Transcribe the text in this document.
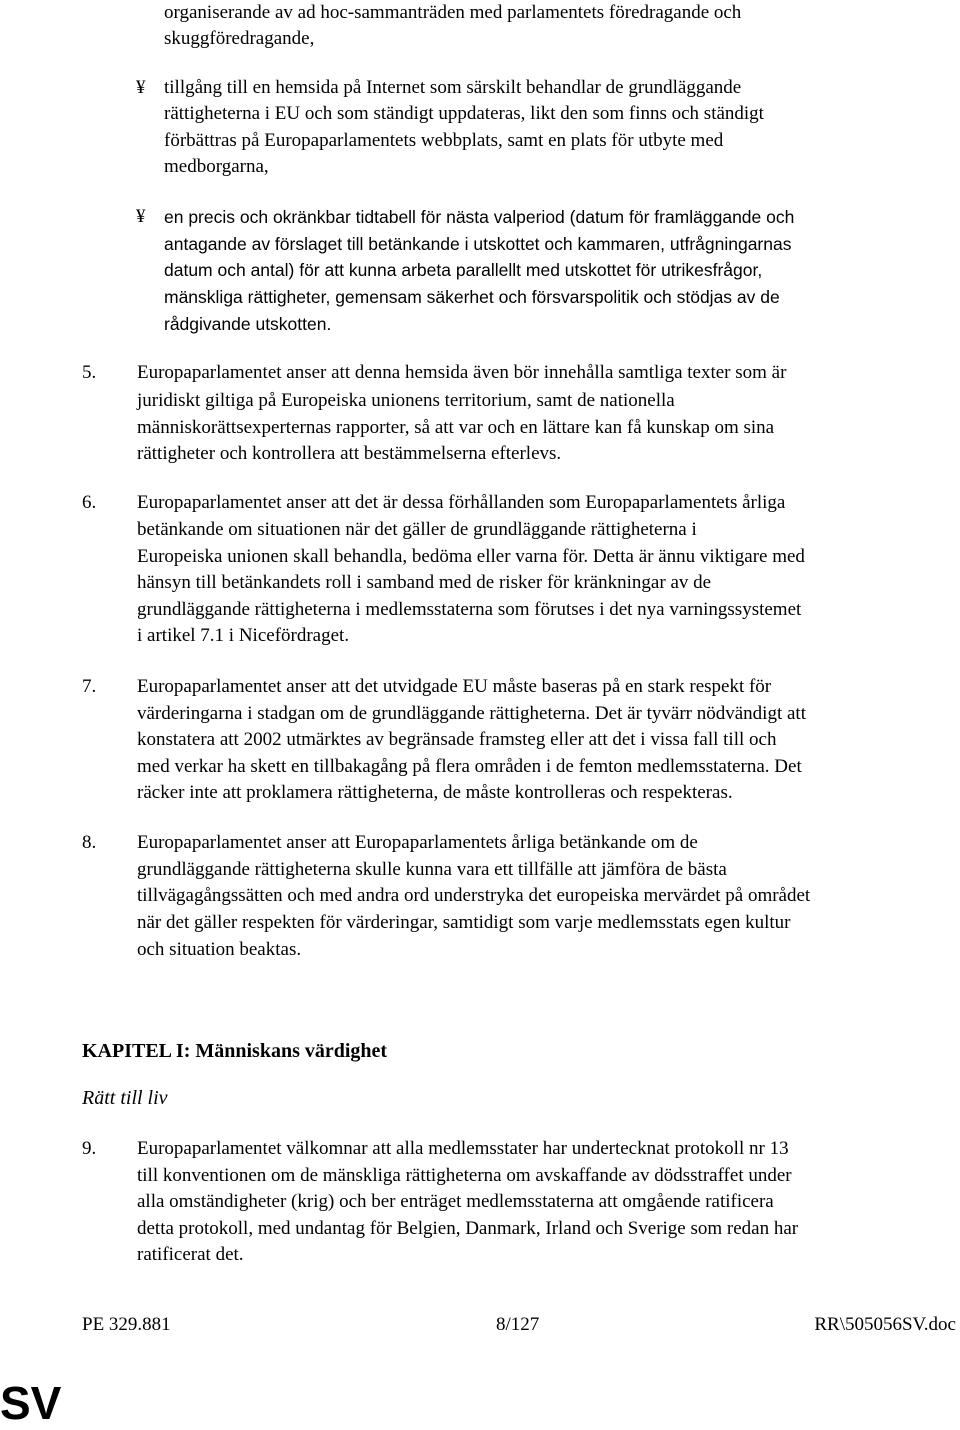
organiserande av ad hoc-sammanträden med parlamentets föredragande och
skuggföredragande,
¥ tillgång till en hemsida på Internet som särskilt behandlar de grundläggande
rättigheterna i EU och som ständigt uppdateras, likt den som finns och ständigt
förbättras på Europaparlamentets webbplats, samt en plats för utbyte med
medborgarna,
¥ en precis och okränkbar tidtabell för nästa valperiod (datum för framläggande och
antagande av förslaget till betänkande i utskottet och kammaren, utfrågningarnas
datum och antal) för att kunna arbeta parallellt med utskottet för utrikesfrågor,
mänskliga rättigheter, gemensam säkerhet och försvarspolitik och stödjas av de
rådgivande utskotten.
5. Europaparlamentet anser att denna hemsida även bör innehålla samtliga texter som är
juridiskt giltiga på Europeiska unionens territorium, samt de nationella
människorättsexperternas rapporter, så att var och en lättare kan få kunskap om sina
rättigheter och kontrollera att bestämmelserna efterlevs.
6. Europaparlamentet anser att det är dessa förhållanden som Europaparlamentets årliga
betänkande om situationen när det gäller de grundläggande rättigheterna i
Europeiska unionen skall behandla, bedöma eller varna för. Detta är ännu viktigare med
hänsyn till betänkandets roll i samband med de risker för kränkningar av de
grundläggande rättigheterna i medlemsstaterna som förutses i det nya varningssystemet
i artikel 7.1 i Nicefördraget.
7. Europaparlamentet anser att det utvidgade EU måste baseras på en stark respekt för
värderingarna i stadgan om de grundläggande rättigheterna. Det är tyvärr nödvändigt att
konstatera att 2002 utmärktes av begränsade framsteg eller att det i vissa fall till och
med verkar ha skett en tillbakagång på flera områden i de femton medlemsstaterna. Det
räcker inte att proklamera rättigheterna, de måste kontrolleras och respekteras.
8. Europaparlamentet anser att Europaparlamentets årliga betänkande om de
grundläggande rättigheterna skulle kunna vara ett tillfälle att jämföra de bästa
tillvägagångssätten och med andra ord understryka det europeiska mervärdet på området
när det gäller respekten för värderingar, samtidigt som varje medlemsstats egen kultur
och situation beaktas.
KAPITEL I: Människans värdighet
Rätt till liv
9. Europaparlamentet välkomnar att alla medlemsstater har undertecknat protokoll nr 13
till konventionen om de mänskliga rättigheterna om avskaffande av dödsstraffet under
alla omständigheter (krig) och ber enträget medlemsstaterna att omgående ratificera
detta protokoll, med undantag för Belgien, Danmark, Irland och Sverige som redan har
ratificerat det.
PE 329.881	8/127	RR\505056SV.doc
SV
